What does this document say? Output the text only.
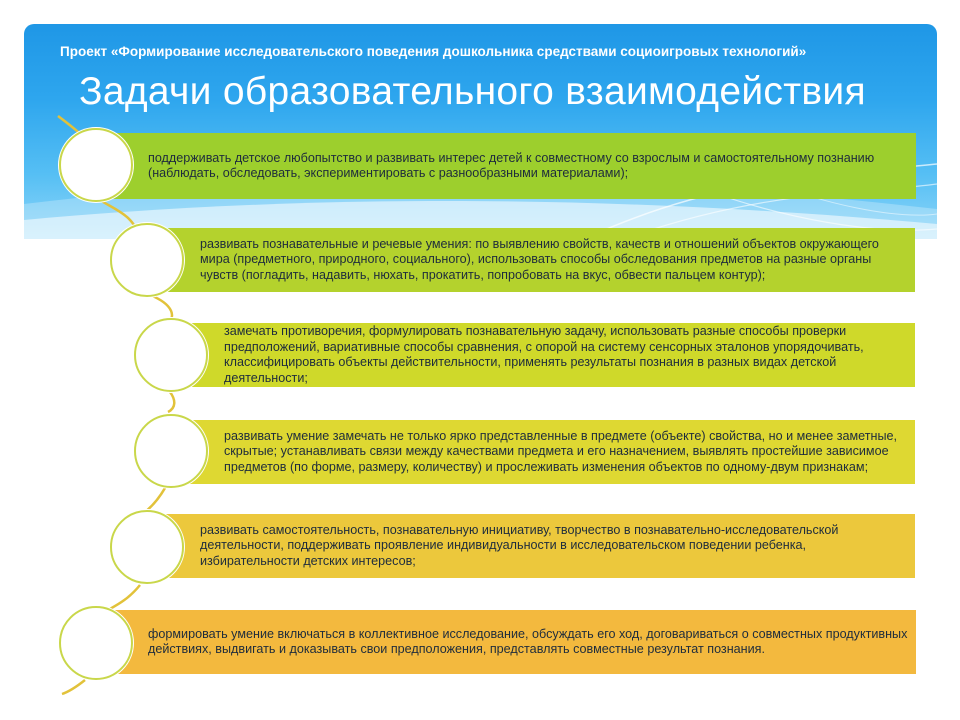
Проект «Формирование исследовательского поведения дошкольника средствами социоигровых технологий»
Задачи образовательного взаимодействия
поддерживать детское любопытство и развивать интерес детей к совместному со взрослым и самостоятельному познанию (наблюдать, обследовать, экспериментировать с разнообразными материалами);
развивать познавательные и речевые умения: по выявлению свойств, качеств и отношений объектов окружающего мира (предметного, природного, социального), использовать способы обследования предметов на разные органы чувств (погладить, надавить, нюхать, прокатить, попробовать на вкус, обвести пальцем контур);
замечать противоречия, формулировать познавательную задачу, использовать разные способы проверки предположений, вариативные способы сравнения, с опорой на систему сенсорных эталонов упорядочивать, классифицировать объекты действительности, применять результаты познания в разных видах детской деятельности;
развивать умение замечать не только ярко представленные в предмете (объекте) свойства, но и менее заметные, скрытые; устанавливать связи между качествами предмета и его назначением, выявлять простейшие зависимое предметов (по форме, размеру, количеству) и прослеживать изменения объектов по одному-двум признакам;
развивать самостоятельность, познавательную инициативу, творчество в познавательно-исследовательской деятельности, поддерживать проявление индивидуальности в исследовательском поведении ребенка, избирательности детских интересов;
формировать умение включаться в коллективное исследование, обсуждать его ход, договариваться о совместных продуктивных действиях, выдвигать и доказывать свои предположения, представлять совместные результат познания.
